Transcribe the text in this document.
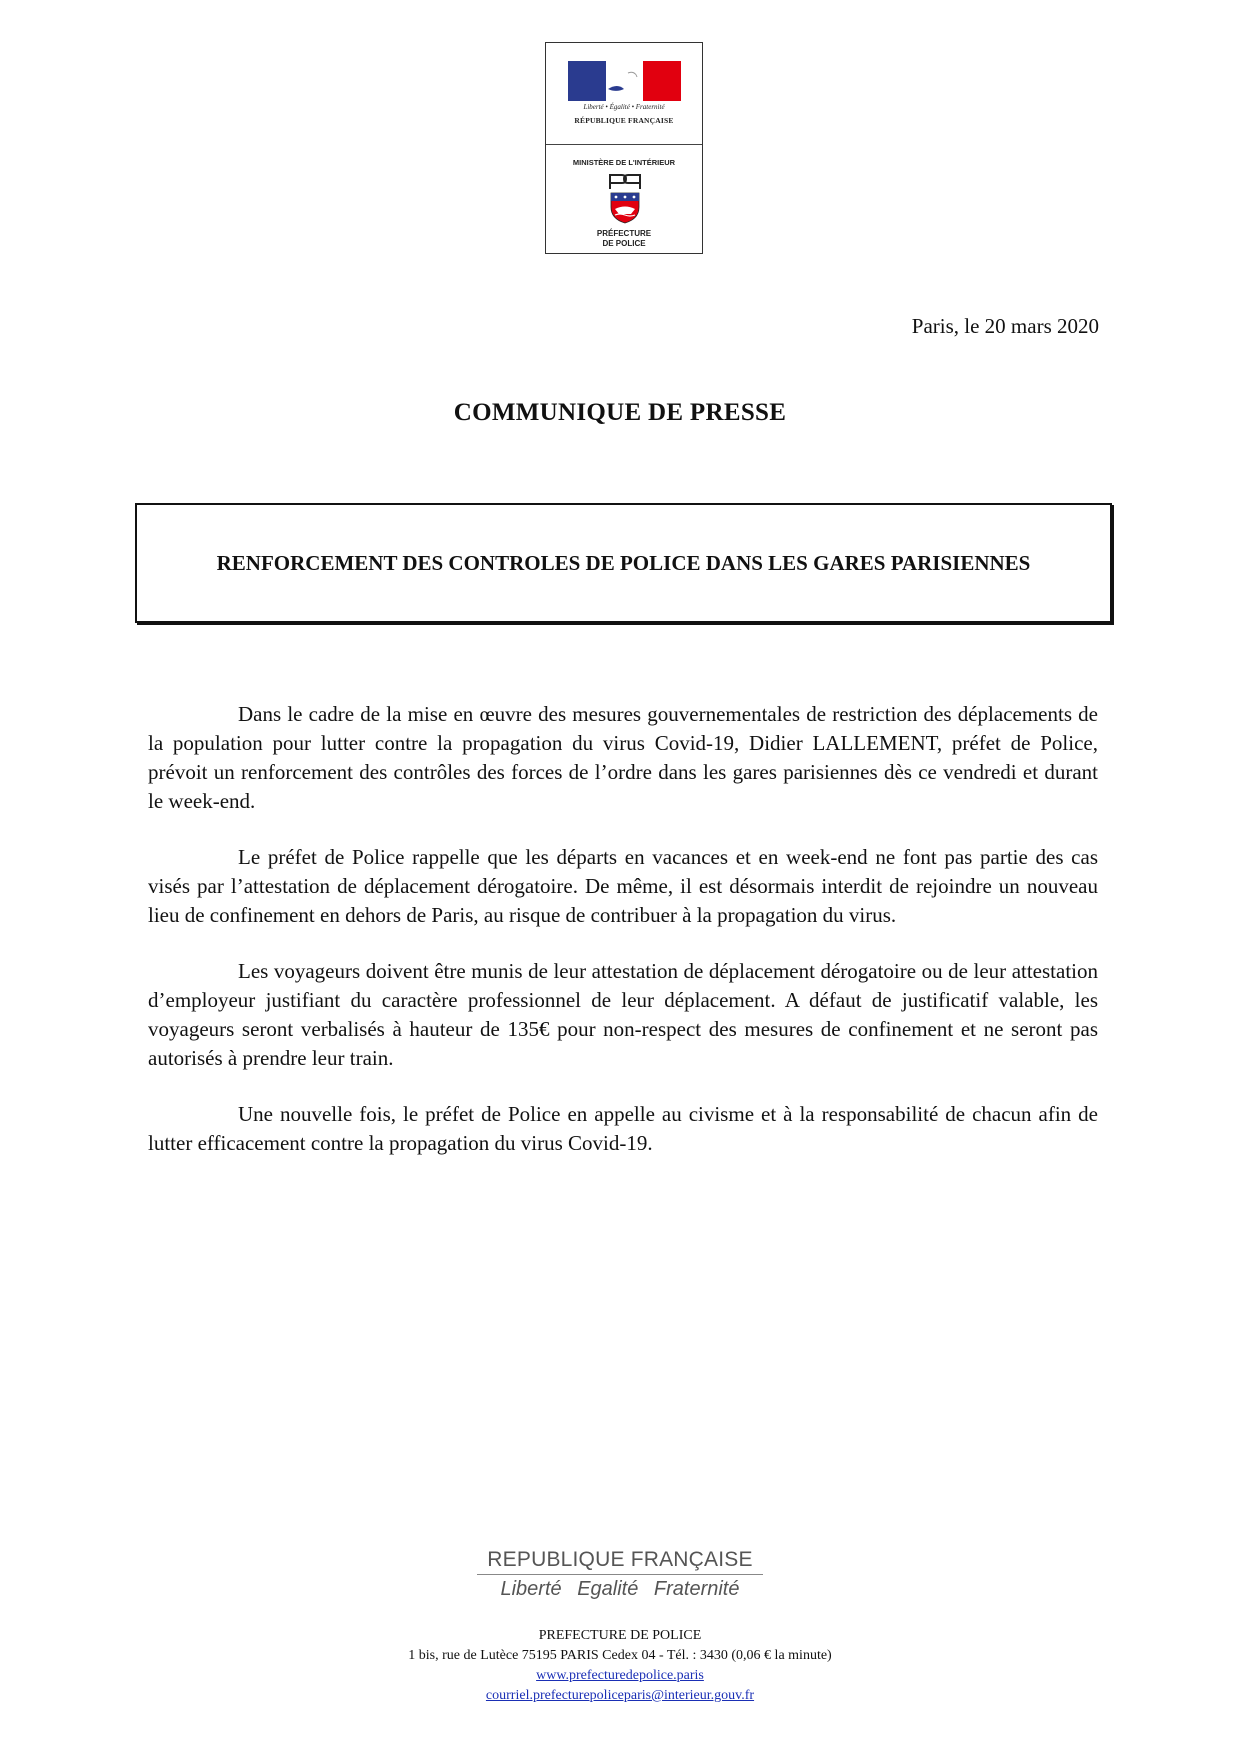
Liberté • Égalité • Fraternité
RÉPUBLIQUE FRANÇAISE
MINISTÈRE DE L'INTÉRIEUR
PRÉFECTURE
DE POLICE
Paris, le 20 mars 2020
COMMUNIQUE DE PRESSE
RENFORCEMENT DES CONTROLES DE POLICE DANS LES GARES PARISIENNES

Dans le cadre de la mise en œuvre des mesures gouvernementales de restriction des déplacements de la population pour lutter contre la propagation du virus Covid-19, Didier LALLEMENT, préfet de Police, prévoit un renforcement des contrôles des forces de l’ordre dans les gares parisiennes dès ce vendredi et durant le week-end.

Le préfet de Police rappelle que les départs en vacances et en week-end ne font pas partie des cas visés par l’attestation de déplacement dérogatoire. De même, il est désormais interdit de rejoindre un nouveau lieu de confinement en dehors de Paris, au risque de contribuer à la propagation du virus.

Les voyageurs doivent être munis de leur attestation de déplacement dérogatoire ou de leur attestation d’employeur justifiant du caractère professionnel de leur déplacement. A défaut de justificatif valable, les voyageurs seront verbalisés à hauteur de 135€ pour non-respect des mesures de confinement et ne seront pas autorisés à prendre leur train.

Une nouvelle fois, le préfet de Police en appelle au civisme et à la responsabilité de chacun afin de lutter efficacement contre la propagation du virus Covid-19.

REPUBLIQUE FRANÇAISE
Liberté Egalité Fraternité
PREFECTURE DE POLICE
1 bis, rue de Lutèce 75195 PARIS Cedex 04 - Tél. : 3430 (0,06 € la minute)
www.prefecturedepolice.paris
courriel.prefecturepoliceparis@interieur.gouv.fr
